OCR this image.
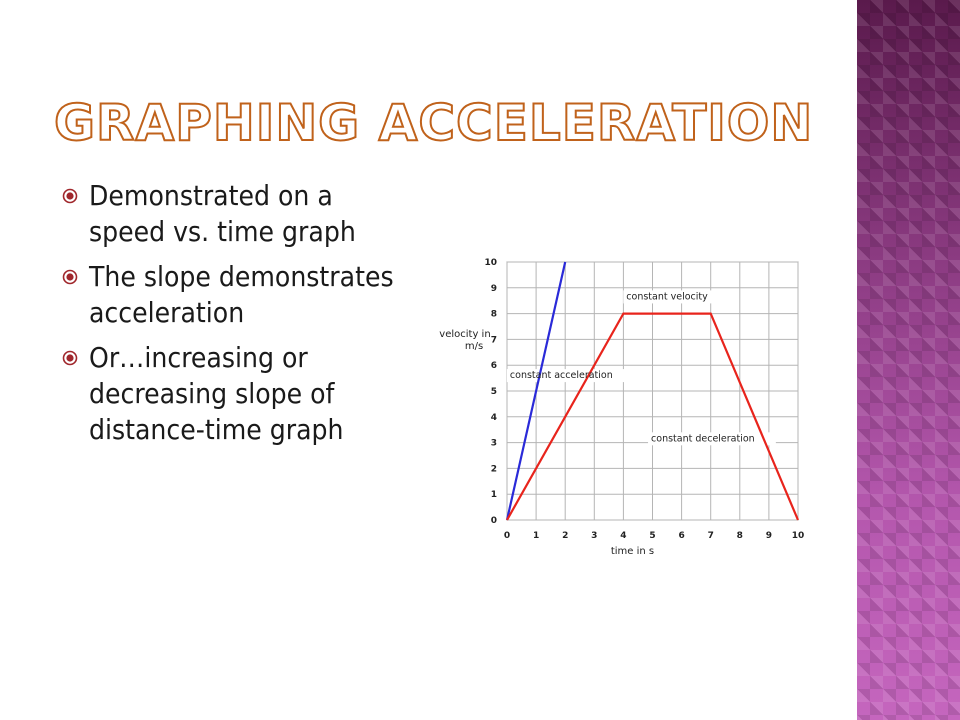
GRAPHING ACCELERATION
Demonstrated on a speed vs. time graph
The slope demonstrates acceleration
Or…increasing or decreasing slope of distance-time graph
0	1	2	3	4	5	6	7	8	9 10
0
1
2
3
4
5
6
7
8
9
10
time in s
velocity in m/s
constant velocity
constant acceleration
constant deceleration
